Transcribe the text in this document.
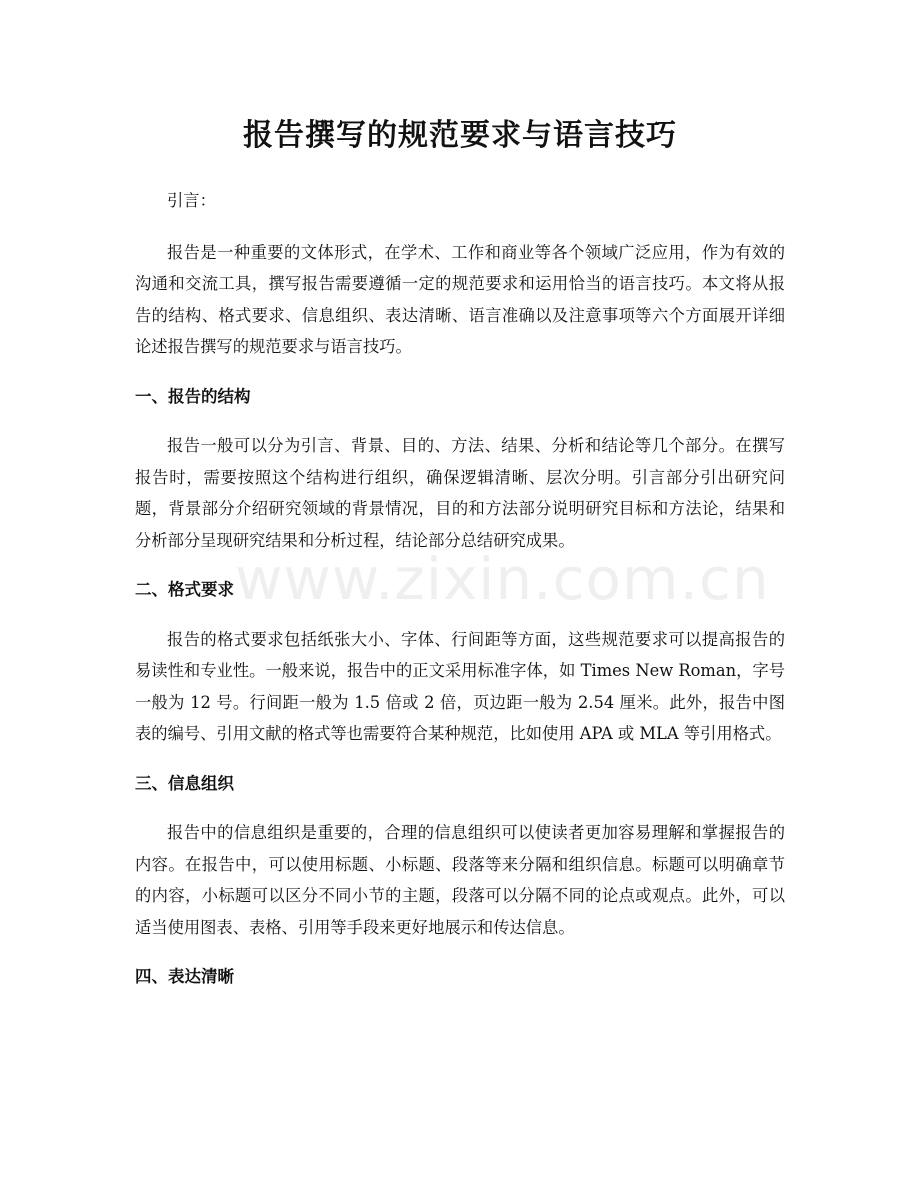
报告撰写的规范要求与语言技巧
www.zixin.com.cn

引言：

报告是一种重要的文体形式，在学术、工作和商业等各个领域广泛应用，作为有效的沟通和交流工具，撰写报告需要遵循一定的规范要求和运用恰当的语言技巧。本文将从报告的结构、格式要求、信息组织、表达清晰、语言准确以及注意事项等六个方面展开详细论述报告撰写的规范要求与语言技巧。

一、报告的结构

报告一般可以分为引言、背景、目的、方法、结果、分析和结论等几个部分。在撰写报告时，需要按照这个结构进行组织，确保逻辑清晰、层次分明。引言部分引出研究问题，背景部分介绍研究领域的背景情况，目的和方法部分说明研究目标和方法论，结果和分析部分呈现研究结果和分析过程，结论部分总结研究成果。

二、格式要求

报告的格式要求包括纸张大小、字体、行间距等方面，这些规范要求可以提高报告的易读性和专业性。一般来说，报告中的正文采用标准字体，如 Times New Roman，字号一般为 12 号。行间距一般为 1.5 倍或 2 倍，页边距一般为 2.54 厘米。此外，报告中图表的编号、引用文献的格式等也需要符合某种规范，比如使用 APA 或 MLA 等引用格式。

三、信息组织

报告中的信息组织是重要的，合理的信息组织可以使读者更加容易理解和掌握报告的内容。在报告中，可以使用标题、小标题、段落等来分隔和组织信息。标题可以明确章节的内容，小标题可以区分不同小节的主题，段落可以分隔不同的论点或观点。此外，可以适当使用图表、表格、引用等手段来更好地展示和传达信息。

四、表达清晰
